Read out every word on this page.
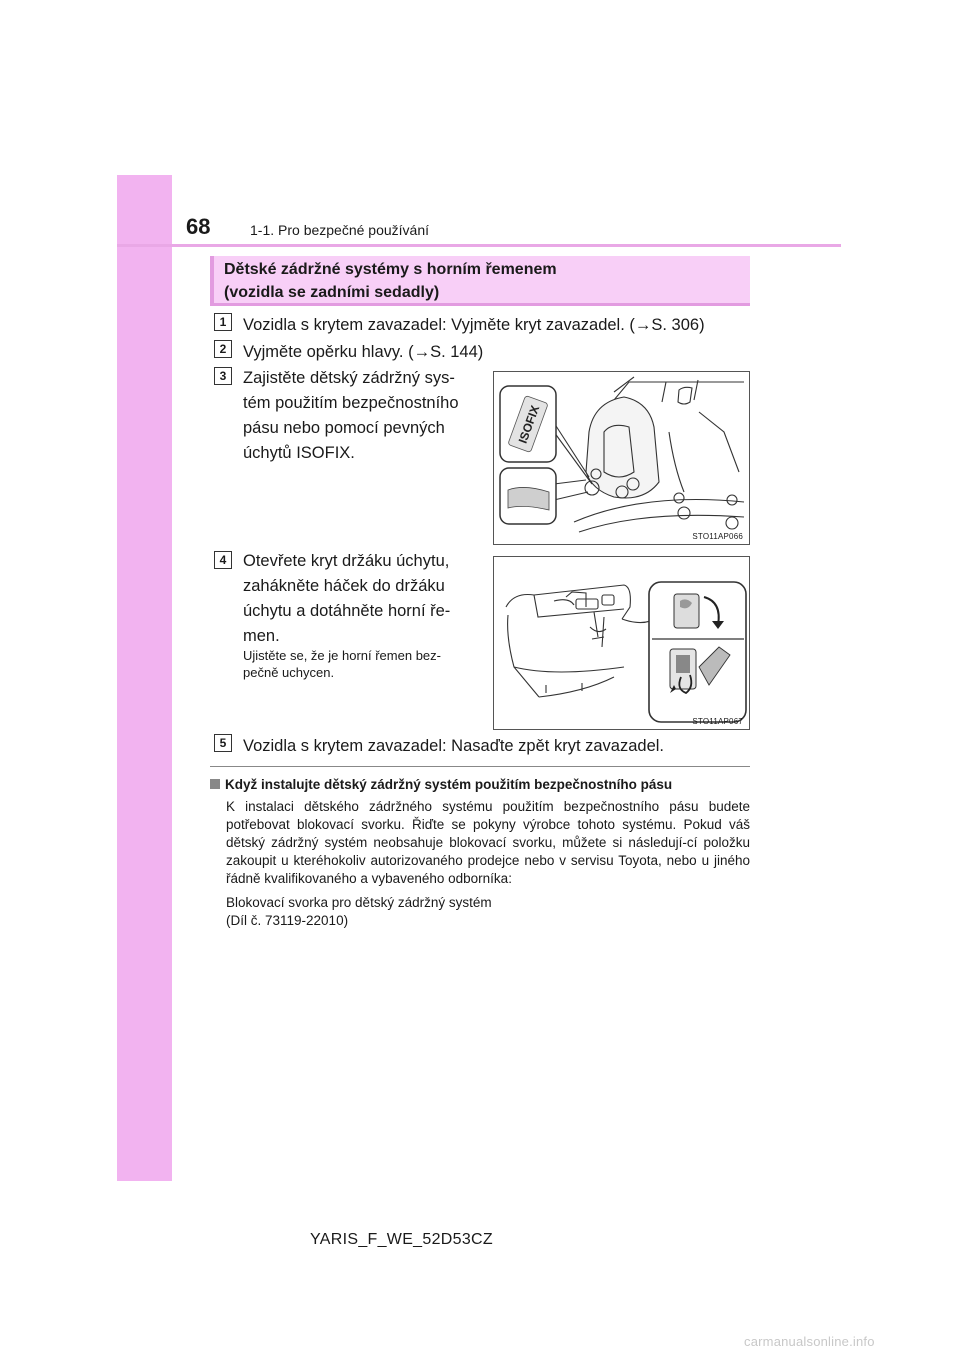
68	1-1. Pro bezpečné používání
Dětské zádržné systémy s horním řemenem
(vozidla se zadními sedadly)
1	Vozidla s krytem zavazadel: Vyjměte kryt zavazadel. (→S. 306)
2	Vyjměte opěrku hlavy. (→S. 144)
3	Zajistěte dětský zádržný sys-
tém použitím bezpečnostního
pásu nebo pomocí pevných
úchytů ISOFIX.
ISOFIX
STO11AP066
4	Otevřete kryt držáku úchytu,
zahákněte háček do držáku
úchytu a dotáhněte horní ře-
men.
Ujistěte se, že je horní řemen bez-
pečně uchycen.
STO11AP067
5	Vozidla s krytem zavazadel: Nasaďte zpět kryt zavazadel.
Když instalujte dětský zádržný systém použitím bezpečnostního pásu

K instalaci dětského zádržného systému použitím bezpečnostního pásu budete potřebovat blokovací svorku. Řiďte se pokyny výrobce tohoto systému. Pokud váš dětský zádržný systém neobsahuje blokovací svorku, můžete si následují-cí položku zakoupit u kteréhokoliv autorizovaného prodejce nebo v servisu Toyota, nebo u jiného řádně kvalifikovaného a vybaveného odborníka:

Blokovací svorka pro dětský zádržný systém
(Díl č. 73119-22010)
YARIS_F_WE_52D53CZ
carmanualsonline.info
